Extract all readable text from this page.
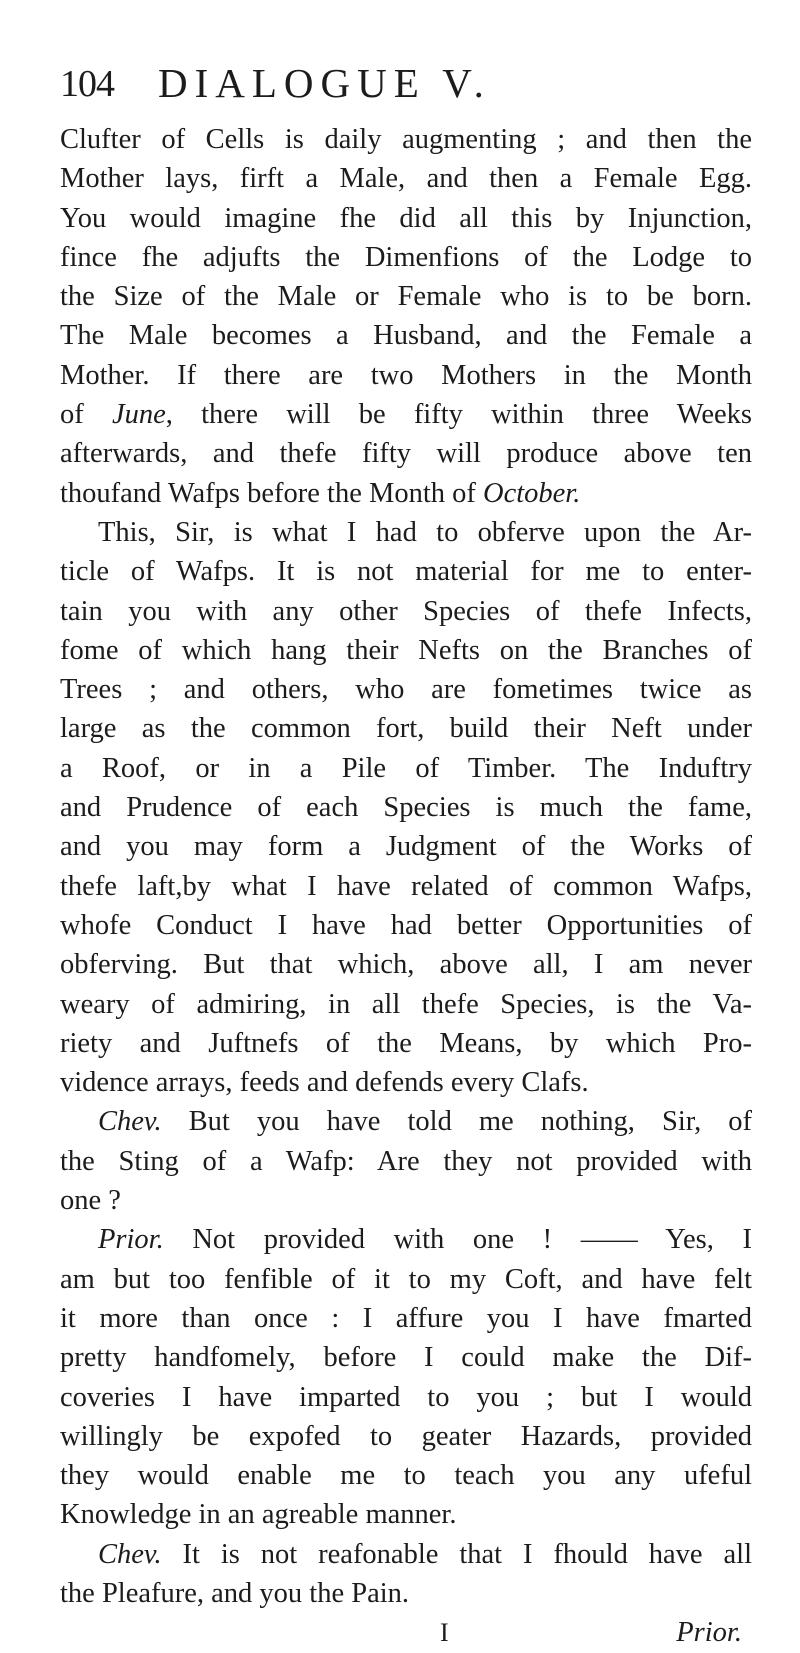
104 DIALOGUE V.
Clufter of Cells is daily augmenting ; and then the
Mother lays, firft a Male, and then a Female Egg.
You would imagine fhe did all this by Injunction,
fince fhe adjufts the Dimenfions of the Lodge to
the Size of the Male or Female who is to be born.
The Male becomes a Husband, and the Female a
Mother. If there are two Mothers in the Month
of June, there will be fifty within three Weeks
afterwards, and thefe fifty will produce above ten
thoufand Wafps before the Month of October.
This, Sir, is what I had to obferve upon the Ar-
ticle of Wafps. It is not material for me to enter-
tain you with any other Species of thefe Infects,
fome of which hang their Nefts on the Branches of
Trees ; and others, who are fometimes twice as
large as the common fort, build their Neft under
a Roof, or in a Pile of Timber. The Induftry
and Prudence of each Species is much the fame,
and you may form a Judgment of the Works of
thefe laft,by what I have related of common Wafps,
whofe Conduct I have had better Opportunities of
obferving. But that which, above all, I am never
weary of admiring, in all thefe Species, is the Va-
riety and Juftnefs of the Means, by which Pro-
vidence arrays, feeds and defends every Clafs.
Chev. But you have told me nothing, Sir, of
the Sting of a Wafp: Are they not provided with
one ?
Prior. Not provided with one ! —— Yes, I
am but too fenfible of it to my Coft, and have felt
it more than once : I affure you I have fmarted
pretty handfomely, before I could make the Dif-
coveries I have imparted to you ; but I would
willingly be expofed to geater Hazards, provided
they would enable me to teach you any ufeful
Knowledge in an agreable manner.
Chev. It is not reafonable that I fhould have all
the Pleafure, and you the Pain.
I	Prior.
